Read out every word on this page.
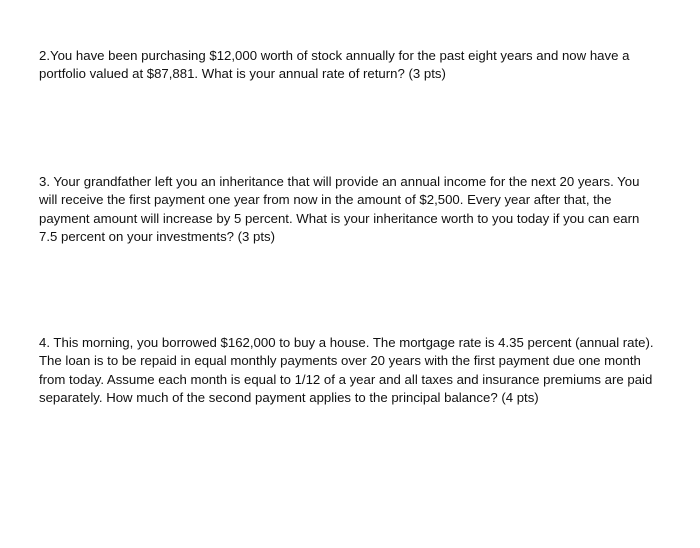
2.You have been purchasing $12,000 worth of stock annually for the past eight years and now have a portfolio valued at $87,881. What is your annual rate of return? (3 pts)

3. Your grandfather left you an inheritance that will provide an annual income for the next 20 years. You will receive the first payment one year from now in the amount of $2,500. Every year after that, the payment amount will increase by 5 percent. What is your inheritance worth to you today if you can earn 7.5 percent on your investments? (3 pts)

4. This morning, you borrowed $162,000 to buy a house. The mortgage rate is 4.35 percent (annual rate). The loan is to be repaid in equal monthly payments over 20 years with the first payment due one month from today. Assume each month is equal to 1/12 of a year and all taxes and insurance premiums are paid separately. How much of the second payment applies to the principal balance? (4 pts)
